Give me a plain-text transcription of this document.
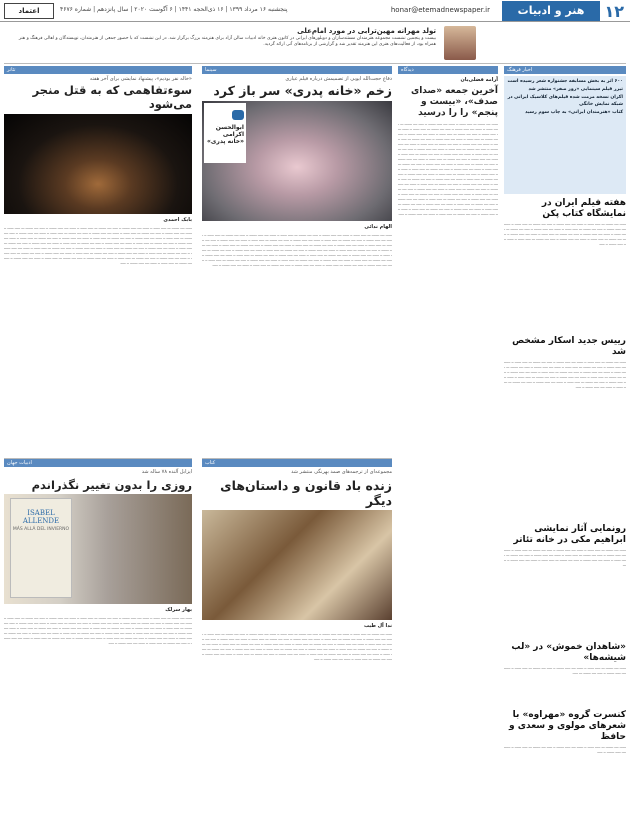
۱۲
هنر و ادبیات
honar@etemadnewspaper.ir
پنجشنبه ۱۶ مرداد ۱۳۹۹ | ۱۶ ذی‌الحجه ۱۴۴۱ | ۶ آگوست ۲۰۲۰ | سال پانزدهم | شماره ۴۶۷۶
اعتماد
تولد مهرانه مهین‌ترابی در مورد امام‌علی
بیست و پنجمین نشست مجموعه هنرمندان مستندسازان و دوبلورهای ایرانی در کانون هنری خانه ادبیات سالن آزاد برای هنرمند بزرگ برگزار شد. در این نشست که با حضور جمعی از هنرمندان، نویسندگان و اهالی فرهنگ و هنر همراه بود، از فعالیت‌های هنری این هنرمند تقدیر شد و گزارشی از برنامه‌های آتی ارائه گردید.
اخبار فرهنگ
۶۰۰ اثر به بخش مسابقه جشنواره شعر رسیده است
تیزر فیلم سینمایی «روز صفر» منتشر شد
اکران نسخه مرمت شده فیلم‌های کلاسیک ایرانی در شبکه نمایش خانگی
کتاب «هنرمندان ایرانی» به چاپ سوم رسید
هفته فیلم ایران در نمایشگاه کتاب پکن
ــــــ ــــ ـــــــ ـــ ـــــ ــــــ ــ ــــــ ــــ ـــــ ـــــــ ــ ـــــ ــــ ـــــــ ـــ ـــــ ــــــ ــ ــــــ ــــ ـــــ ـــــــ ــ ـــــ ــــ ـــــــ ـــ ـــــ ــــــ ــ ــــــ ــــ ـــــ ـــــــ ــ ـــــ ــــ ـــــــ ـــ ـــــ ــــــ ــ ــــــ ــــ ـــــ ـــــــ ــ ـــــ ــــ ـــــــ ـــ ـــــ ــــــ ــ ــــــ ــــ ـــــ ـــــــ ــ ـــــ ــــ ـــــــ ـــ ـــــ ــــــ ــ ــــــ ــــ ـــــ ـــــــ ــ ـــــ ــــ ـــــــ ـــ ـــــ ــــــ ــ ــــــ ــــ ـــــ ـــــــ ــ ـــــ
رییس جدید اسکار مشخص شد
ــــــ ــــ ـــــــ ـــ ـــــ ــــــ ــ ــــــ ــــ ـــــ ـــــــ ــ ـــــ ــــ ـــــــ ـــ ـــــ ــــــ ــ ــــــ ــــ ـــــ ـــــــ ــ ـــــ ــــ ـــــــ ـــ ـــــ ــــــ ــ ــــــ ــــ ـــــ ـــــــ ــ ـــــ ــــ ـــــــ ـــ ـــــ ــــــ ــ ــــــ ــــ ـــــ ـــــــ ــ ـــــ ــــ ـــــــ ـــ ـــــ ــــــ ــ ــــــ ــــ ـــــ ـــــــ ــ ـــــ ــــ ـــــــ ـــ ـــــ ــــــ ــ ــــــ ــــ ـــــ ـــــــ ــ ـــــ ــــ ـــــــ ـــ ـــــ ــــــ ــ ــــــ ــــ ـــــ ـــــــ ــ ـــــ ــــ ـــــــ ـــ ـــــ ــــــ ــ ــــــ ــــ ـــــ ـــــــ ــ ـــــ ــــ ـــــــ ـــ ـــــ ــــــ ــ ــــــ ــــ ـــــ ـــــــ ــ ـــــ
رونمایی آثار نمایشی ابراهیم مکی در خانه تئاتر
ــــــ ــــ ـــــــ ـــ ـــــ ــــــ ــ ــــــ ــــ ـــــ ـــــــ ــ ـــــ ــــ ـــــــ ـــ ـــــ ــــــ ــ ــــــ ــــ ـــــ ـــــــ ــ ـــــ ــــ ـــــــ ـــ ـــــ ــــــ ــ ــــــ ــــ ـــــ ـــــــ ــ ـــــ ــــ ـــــــ ـــ ـــــ ــــــ ــ ــــــ ــــ ـــــ ـــــــ ــ ـــــ ــــ ـــــــ ـــ ـــــ ــــــ ــ ــــــ ــــ ـــــ ـــــــ ــ ـــــ
«شاهدان خموش» در «لب شیشه‌ها»
ــــــ ــــ ـــــــ ـــ ـــــ ــــــ ــ ــــــ ــــ ـــــ ـــــــ ــ ـــــ ــــ ـــــــ ـــ ـــــ ــــــ ــ ــــــ ــــ ـــــ ـــــــ ــ ـــــ ــــ ـــــــ ـــ ـــــ
کنسرت گروه «مهراوه» با شعرهای مولوی و سعدی و حافظ
ــــــ ــــ ـــــــ ـــ ـــــ ــــــ ــ ــــــ ــــ ـــــ ـــــــ ــ ـــــ ــــ ـــــــ ـــ ـــــ ــــــ ــ ــــــ ــــ ـــــ ـــــــ ــ ـــــ
دیدگاه
آرامه فضلی‌یان
آخرین جمعه «صدای صدف»، «بیست و پنجم» را را درسید
ــــــ ــــ ـــــــ ـــ ـــــ ــــــ ــ ــــــ ــــ ـــــ ـــــــ ــ ـــــ ــــ ـــــــ ـــ ـــــ ــــــ ــ ــــــ ــــ ـــــ ـــــــ ــ ـــــ ــــ ـــــــ ـــ ـــــ ــــــ ــ ــــــ ــــ ـــــ ـــــــ ــ ـــــ ــــ ـــــــ ـــ ـــــ ــــــ ــ ــــــ ــــ ـــــ ـــــــ ــ ـــــ ــــ ـــــــ ـــ ـــــ ــــــ ــ ــــــ ــــ ـــــ ـــــــ ــ ـــــ ــــ ـــــــ ـــ ـــــ ــــــ ــ ــــــ ــــ ـــــ ـــــــ ــ ـــــ ــــ ـــــــ ـــ ـــــ ــــــ ــ ــــــ ــــ ـــــ ـــــــ ــ ـــــ ــــ ـــــــ ـــ ـــــ ــــــ ــ ــــــ ــــ ـــــ ـــــــ ــ ـــــ ــــ ـــــــ ـــ ـــــ ــــــ ــ ــــــ ــــ ـــــ ـــــــ ــ ـــــ ــــ ـــــــ ـــ ـــــ ــــــ ــ ــــــ ــــ ـــــ ـــــــ ــ ـــــ ــــ ـــــــ ـــ ـــــ ــــــ ــ ــــــ ــــ ـــــ ـــــــ ــ ـــــ ــــ ـــــــ ـــ ـــــ ــــــ ــ ــــــ ــــ ـــــ ـــــــ ــ ـــــ ــــ ـــــــ ـــ ـــــ ــــــ ــ ــــــ ــــ ـــــ ـــــــ ــ ـــــ ــــ ـــــــ ـــ ـــــ ــــــ ــ ــــــ ــــ ـــــ ـــــــ ــ ـــــ ــــ ـــــــ ـــ ـــــ ــــــ ــ ــــــ ــــ ـــــ ـــــــ ــ ـــــ ــــ ـــــــ ـــ ـــــ ــــــ ــ ــــــ ــــ ـــــ ـــــــ ــ ـــــ ــــ ـــــــ ـــ ـــــ ــــــ ــ ــــــ ــــ ـــــ ـــــــ ــ ـــــ ــــ ـــــــ ـــ ـــــ ــــــ ــ ــــــ ــــ ـــــ ـــــــ ــ ـــــ ــــ ـــــــ ـــ ـــــ ــــــ ــ ــــــ ــــ ـــــ ـــــــ ــ ـــــ ــــ ـــــــ ـــ ـــــ ــــــ ــ ــــــ ــــ ـــــ ـــــــ ــ ـــــ ــــ ـــــــ ـــ ـــــ ــــــ ــ ــــــ ــــ ـــــ ـــــــ ــ ـــــ ــــ ـــــــ ـــ ـــــ ــــــ ــ ــــــ ــــ ـــــ ـــــــ ــ ـــــ ــــ ـــــــ ـــ ـــــ ــــــ ــ ــــــ ــــ ـــــ ـــــــ ــ ـــــ ــــ ـــــــ ـــ ـــــ ــــــ ــ ــــــ ــــ ـــــ ـــــــ ــ ـــــ ــــ ـــــــ ـــ ـــــ ــــــ ــ ــــــ ــــ ـــــ ـــــــ ــ ـــــ ــــ ـــــــ ـــ ـــــ ــــــ ــ ــــــ ــــ ـــــ ـــــــ ــ ـــــ
سینما
دفاع حجت‌الله ایوبی از تصمیمش درباره فیلم عیاری
زخم «خانه پدری» سر باز کرد
ابوالحسن اکرامی
«خانه پدری»
الهام ندائی
ــــــ ــــ ـــــــ ـــ ـــــ ــــــ ــ ــــــ ــــ ـــــ ـــــــ ــ ـــــ ــــ ـــــــ ـــ ـــــ ــــــ ــ ــــــ ــــ ـــــ ـــــــ ــ ـــــ ــــ ـــــــ ـــ ـــــ ــــــ ــ ــــــ ــــ ـــــ ـــــــ ــ ـــــ ــــ ـــــــ ـــ ـــــ ــــــ ــ ــــــ ــــ ـــــ ـــــــ ــ ـــــ ــــ ـــــــ ـــ ـــــ ــــــ ــ ــــــ ــــ ـــــ ـــــــ ــ ـــــ ــــ ـــــــ ـــ ـــــ ــــــ ــ ــــــ ــــ ـــــ ـــــــ ــ ـــــ ــــ ـــــــ ـــ ـــــ ــــــ ــ ــــــ ــــ ـــــ ـــــــ ــ ـــــ ــــ ـــــــ ـــ ـــــ ــــــ ــ ــــــ ــــ ـــــ ـــــــ ــ ـــــ ــــ ـــــــ ـــ ـــــ ــــــ ــ ــــــ ــــ ـــــ ـــــــ ــ ـــــ ــــ ـــــــ ـــ ـــــ ــــــ ــ ــــــ ــــ ـــــ ـــــــ ــ ـــــ ــــ ـــــــ ـــ ـــــ ــــــ ــ ــــــ ــــ ـــــ ـــــــ ــ ـــــ ــــ ـــــــ ـــ ـــــ ــــــ ــ ــــــ ــــ ـــــ ـــــــ ــ ـــــ ــــ ـــــــ ـــ ـــــ ــــــ ــ ــــــ ــــ ـــــ ـــــــ ــ ـــــ ــــ ـــــــ ـــ ـــــ ــــــ ــ ــــــ ــــ ـــــ ـــــــ ــ ـــــ ــــ ـــــــ ـــ ـــــ ــــــ ــ ــــــ ــــ ـــــ ـــــــ ــ ـــــ ــــ ـــــــ ـــ ـــــ ــــــ ــ ــــــ ــــ ـــــ ـــــــ ــ ـــــ ــــ ـــــــ ـــ ـــــ ــــــ ــ ــــــ ــــ ـــــ ـــــــ ــ ـــــ ــــ ـــــــ ـــ ـــــ ــــــ ــ ــــــ ــــ ـــــ ـــــــ ــ ـــــ
تئاتر
«خاله نفر بودیم»، پیشنهاد نمایشی برای آخر هفته
سوءتفاهمی که به قتل منجر می‌شود
بابک احمدی
ــــــ ــــ ـــــــ ـــ ـــــ ــــــ ــ ــــــ ــــ ـــــ ـــــــ ــ ـــــ ــــ ـــــــ ـــ ـــــ ــــــ ــ ــــــ ــــ ـــــ ـــــــ ــ ـــــ ــــ ـــــــ ـــ ـــــ ــــــ ــ ــــــ ــــ ـــــ ـــــــ ــ ـــــ ــــ ـــــــ ـــ ـــــ ــــــ ــ ــــــ ــــ ـــــ ـــــــ ــ ـــــ ــــ ـــــــ ـــ ـــــ ــــــ ــ ــــــ ــــ ـــــ ـــــــ ــ ـــــ ــــ ـــــــ ـــ ـــــ ــــــ ــ ــــــ ــــ ـــــ ـــــــ ــ ـــــ ــــ ـــــــ ـــ ـــــ ــــــ ــ ــــــ ــــ ـــــ ـــــــ ــ ـــــ ــــ ـــــــ ـــ ـــــ ــــــ ــ ــــــ ــــ ـــــ ـــــــ ــ ـــــ ــــ ـــــــ ـــ ـــــ ــــــ ــ ــــــ ــــ ـــــ ـــــــ ــ ـــــ ــــ ـــــــ ـــ ـــــ ــــــ ــ ــــــ ــــ ـــــ ـــــــ ــ ـــــ ــــ ـــــــ ـــ ـــــ ــــــ ــ ــــــ ــــ ـــــ ـــــــ ــ ـــــ ــــ ـــــــ ـــ ـــــ ــــــ ــ ــــــ ــــ ـــــ ـــــــ ــ ـــــ ــــ ـــــــ ـــ ـــــ ــــــ ــ ــــــ ــــ ـــــ ـــــــ ــ ـــــ ــــ ـــــــ ـــ ـــــ ــــــ ــ ــــــ ــــ ـــــ ـــــــ ــ ـــــ ــــ ـــــــ ـــ ـــــ ــــــ ــ ــــــ ــــ ـــــ ـــــــ ــ ـــــ ــــ ـــــــ ـــ ـــــ ــــــ ــ ــــــ ــــ ـــــ ـــــــ ــ ـــــ ــــ ـــــــ ـــ ـــــ ــــــ ــ ــــــ ــــ ـــــ ـــــــ ــ ـــــ ــــ ـــــــ ـــ ـــــ ــــــ ــ ــــــ ــــ ـــــ ـــــــ ــ ـــــ ــــ ـــــــ ـــ ـــــ ــــــ ــ ــــــ ــــ ـــــ ـــــــ ــ ـــــ
کتاب
مجموعه‌ای از ترجمه‌های صمد بهرنگی منتشر شد
زنده باد قانون و داستان‌های دیگر
ندا آل طیب
ــــــ ــــ ـــــــ ـــ ـــــ ــــــ ــ ــــــ ــــ ـــــ ـــــــ ــ ـــــ ــــ ـــــــ ـــ ـــــ ــــــ ــ ــــــ ــــ ـــــ ـــــــ ــ ـــــ ــــ ـــــــ ـــ ـــــ ــــــ ــ ــــــ ــــ ـــــ ـــــــ ــ ـــــ ــــ ـــــــ ـــ ـــــ ــــــ ــ ــــــ ــــ ـــــ ـــــــ ــ ـــــ ــــ ـــــــ ـــ ـــــ ــــــ ــ ــــــ ــــ ـــــ ـــــــ ــ ـــــ ــــ ـــــــ ـــ ـــــ ــــــ ــ ــــــ ــــ ـــــ ـــــــ ــ ـــــ ــــ ـــــــ ـــ ـــــ ــــــ ــ ــــــ ــــ ـــــ ـــــــ ــ ـــــ ــــ ـــــــ ـــ ـــــ ــــــ ــ ــــــ ــــ ـــــ ـــــــ ــ ـــــ ــــ ـــــــ ـــ ـــــ ــــــ ــ ــــــ ــــ ـــــ ـــــــ ــ ـــــ ــــ ـــــــ ـــ ـــــ ــــــ ــ ــــــ ــــ ـــــ ـــــــ ــ ـــــ ــــ ـــــــ ـــ ـــــ ــــــ ــ ــــــ ــــ ـــــ ـــــــ ــ ـــــ ــــ ـــــــ ـــ ـــــ ــــــ ــ ــــــ ــــ ـــــ ـــــــ ــ ـــــ ــــ ـــــــ ـــ ـــــ ــــــ ــ ــــــ ــــ ـــــ ـــــــ ــ ـــــ ــــ ـــــــ ـــ ـــــ ــــــ ــ ــــــ ــــ ـــــ ـــــــ ــ ـــــ
ادبیات جهان
ایزابل آلنده ۷۸ ساله شد
روزی را بدون تغییر نگذراندم
ISABEL ALLENDE
MÁS ALLÁ DEL INVIERNO
بهار سرلک
ــــــ ــــ ـــــــ ـــ ـــــ ــــــ ــ ــــــ ــــ ـــــ ـــــــ ــ ـــــ ــــ ـــــــ ـــ ـــــ ــــــ ــ ــــــ ــــ ـــــ ـــــــ ــ ـــــ ــــ ـــــــ ـــ ـــــ ــــــ ــ ــــــ ــــ ـــــ ـــــــ ــ ـــــ ــــ ـــــــ ـــ ـــــ ــــــ ــ ــــــ ــــ ـــــ ـــــــ ــ ـــــ ــــ ـــــــ ـــ ـــــ ــــــ ــ ــــــ ــــ ـــــ ـــــــ ــ ـــــ ــــ ـــــــ ـــ ـــــ ــــــ ــ ــــــ ــــ ـــــ ـــــــ ــ ـــــ ــــ ـــــــ ـــ ـــــ ــــــ ــ ــــــ ــــ ـــــ ـــــــ ــ ـــــ ــــ ـــــــ ـــ ـــــ ــــــ ــ ــــــ ــــ ـــــ ـــــــ ــ ـــــ ــــ ـــــــ ـــ ـــــ ــــــ ــ ــــــ ــــ ـــــ ـــــــ ــ ـــــ ــــ ـــــــ ـــ ـــــ ــــــ ــ ــــــ ــــ ـــــ ـــــــ ــ ـــــ ــــ ـــــــ ـــ ـــــ ــــــ ــ ــــــ ــــ ـــــ ـــــــ ــ ـــــ ــــ ـــــــ ـــ ـــــ ــــــ ــ ــــــ ــــ ـــــ ـــــــ ــ ـــــ ــــ ـــــــ ـــ ـــــ ــــــ ــ ــــــ ــــ ـــــ ـــــــ ــ ـــــ ــــ ـــــــ ـــ ـــــ ــــــ ــ ــــــ ــــ ـــــ ـــــــ ــ ـــــ
